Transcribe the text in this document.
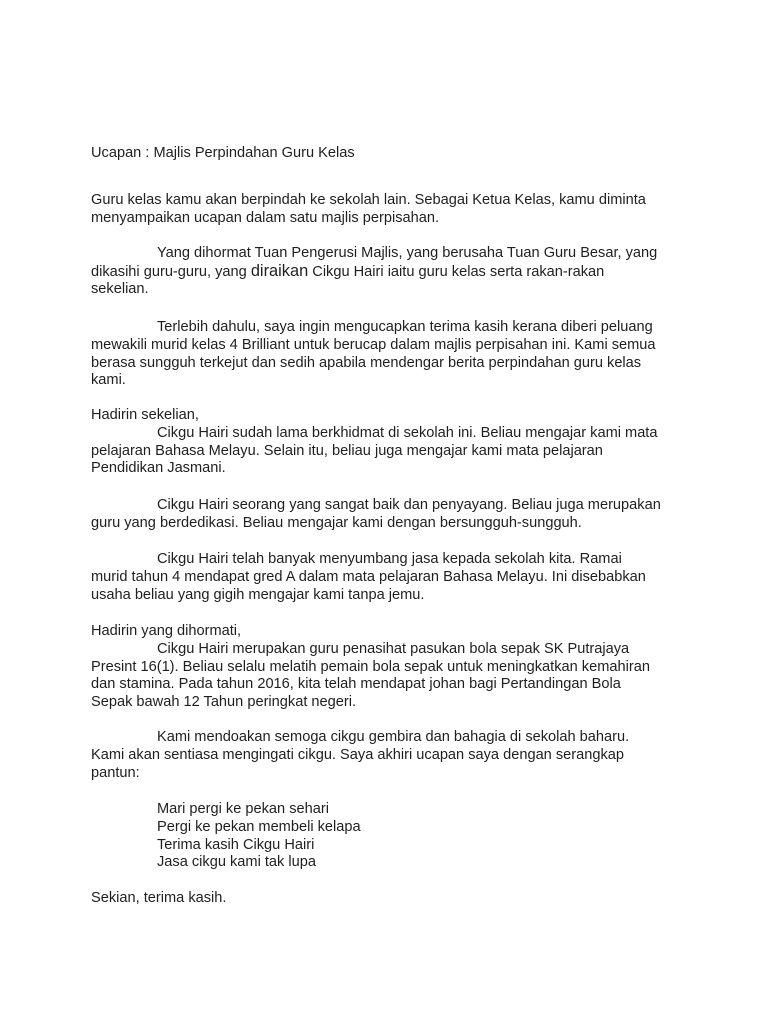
Ucapan : Majlis Perpindahan Guru Kelas
Guru kelas kamu akan berpindah ke sekolah lain. Sebagai Ketua Kelas, kamu diminta
menyampaikan ucapan dalam satu majlis perpisahan.
Yang dihormat Tuan Pengerusi Majlis, yang berusaha Tuan Guru Besar, yang
dikasihi guru-guru, yang diraikan Cikgu Hairi iaitu guru kelas serta rakan-rakan
sekelian.
Terlebih dahulu, saya ingin mengucapkan terima kasih kerana diberi peluang
mewakili murid kelas 4 Brilliant untuk berucap dalam majlis perpisahan ini. Kami semua
berasa sungguh terkejut dan sedih apabila mendengar berita perpindahan guru kelas
kami.
Hadirin sekelian,
Cikgu Hairi sudah lama berkhidmat di sekolah ini. Beliau mengajar kami mata
pelajaran Bahasa Melayu. Selain itu, beliau juga mengajar kami mata pelajaran
Pendidikan Jasmani.
Cikgu Hairi seorang yang sangat baik dan penyayang. Beliau juga merupakan
guru yang berdedikasi. Beliau mengajar kami dengan bersungguh-sungguh.
Cikgu Hairi telah banyak menyumbang jasa kepada sekolah kita. Ramai
murid tahun 4 mendapat gred A dalam mata pelajaran Bahasa Melayu. Ini disebabkan
usaha beliau yang gigih mengajar kami tanpa jemu.
Hadirin yang dihormati,
Cikgu Hairi merupakan guru penasihat pasukan bola sepak SK Putrajaya
Presint 16(1). Beliau selalu melatih pemain bola sepak untuk meningkatkan kemahiran
dan stamina. Pada tahun 2016, kita telah mendapat johan bagi Pertandingan Bola
Sepak bawah 12 Tahun peringkat negeri.
Kami mendoakan semoga cikgu gembira dan bahagia di sekolah baharu.
Kami akan sentiasa mengingati cikgu. Saya akhiri ucapan saya dengan serangkap
pantun:
Mari pergi ke pekan sehari
Pergi ke pekan membeli kelapa
Terima kasih Cikgu Hairi
Jasa cikgu kami tak lupa
Sekian, terima kasih.
